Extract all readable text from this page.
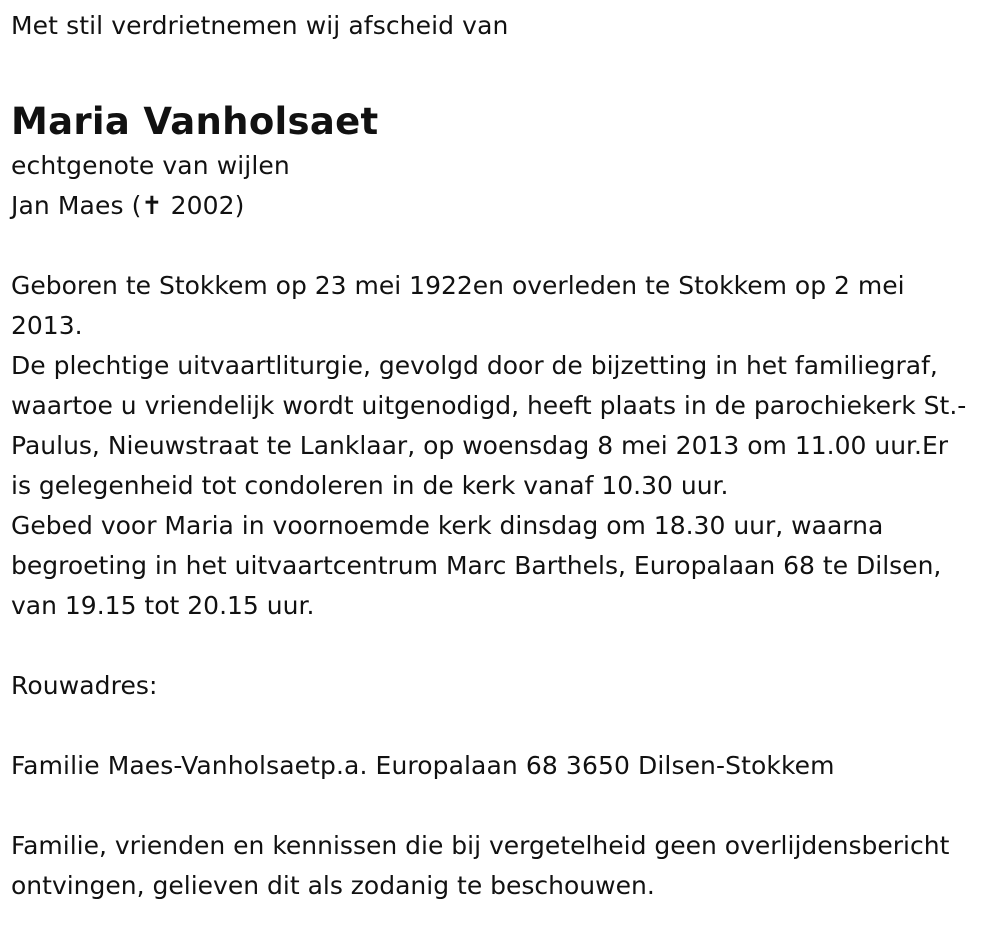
Met stil verdrietnemen wij afscheid van
Maria Vanholsaet
echtgenote van wijlen
Jan Maes (✝ 2002)
Geboren te Stokkem op 23 mei 1922en overleden te Stokkem op 2 mei 2013.
De plechtige uitvaartliturgie, gevolgd door de bijzetting in het familiegraf, waartoe u vriendelijk wordt uitgenodigd, heeft plaats in de parochiekerk St.-Paulus, Nieuwstraat te Lanklaar, op woensdag 8 mei 2013 om 11.00 uur.Er is gelegenheid tot condoleren in de kerk vanaf 10.30 uur.
Gebed voor Maria in voornoemde kerk dinsdag om 18.30 uur, waarna begroeting in het uitvaartcentrum Marc Barthels, Europalaan 68 te Dilsen, van 19.15 tot 20.15 uur.
Rouwadres:
Familie Maes-Vanholsaetp.a. Europalaan 68 3650 Dilsen-Stokkem
Familie, vrienden en kennissen die bij vergetelheid geen overlijdensbericht ontvingen, gelieven dit als zodanig te beschouwen.
